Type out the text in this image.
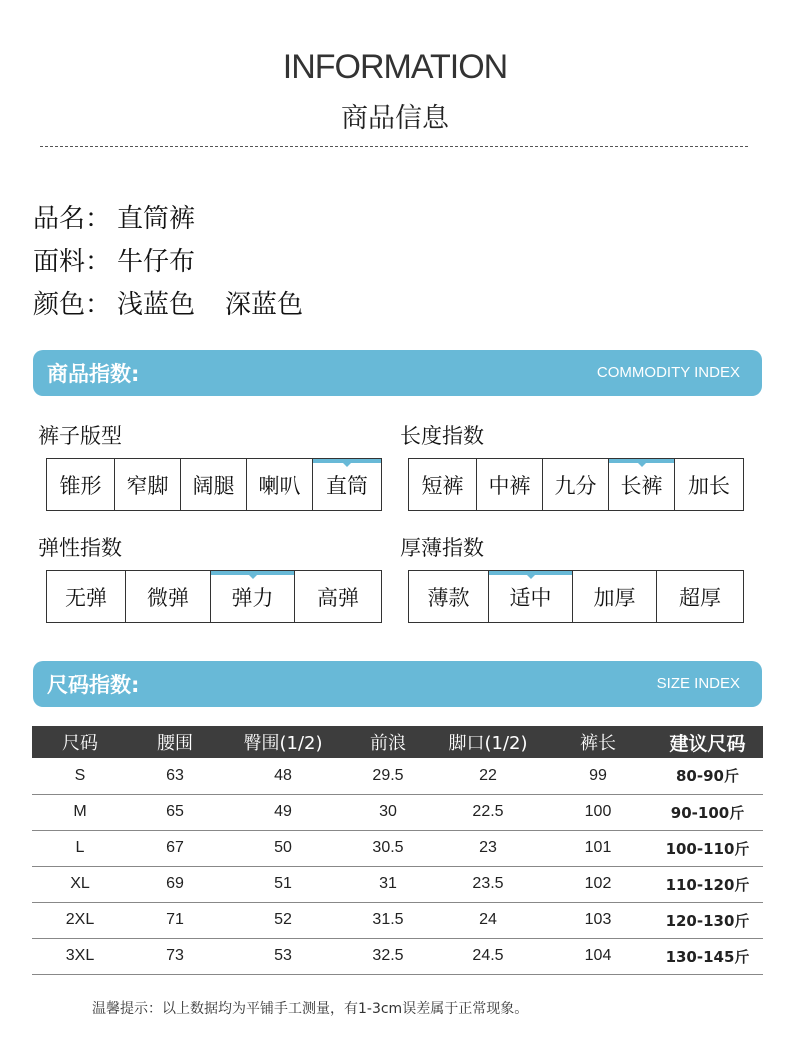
INFORMATION
商品信息
品名： 直筒裤
面料： 牛仔布
颜色： 浅蓝色 深蓝色
商品指数:	COMMODITY INDEX
裤子版型
锥形 窄脚 阔腿 喇叭 直筒
长度指数
短裤 中裤 九分 长裤 加长
弹性指数
无弹 微弹 弹力 高弹
厚薄指数
薄款 适中 加厚 超厚
尺码指数:	SIZE INDEX
尺码	腰围	臀围(1/2)	前浪	脚口(1/2)	裤长	建议尺码
S	63	48	29.5	22	99	80-90斤
M	65	49	30	22.5	100	90-100斤
L	67	50	30.5	23	101	100-110斤
XL	69	51	31	23.5	102	110-120斤
2XL	71	52	31.5	24	103	120-130斤
3XL	73	53	32.5	24.5	104	130-145斤
温馨提示：以上数据均为平铺手工测量，有1-3cm误差属于正常现象。
